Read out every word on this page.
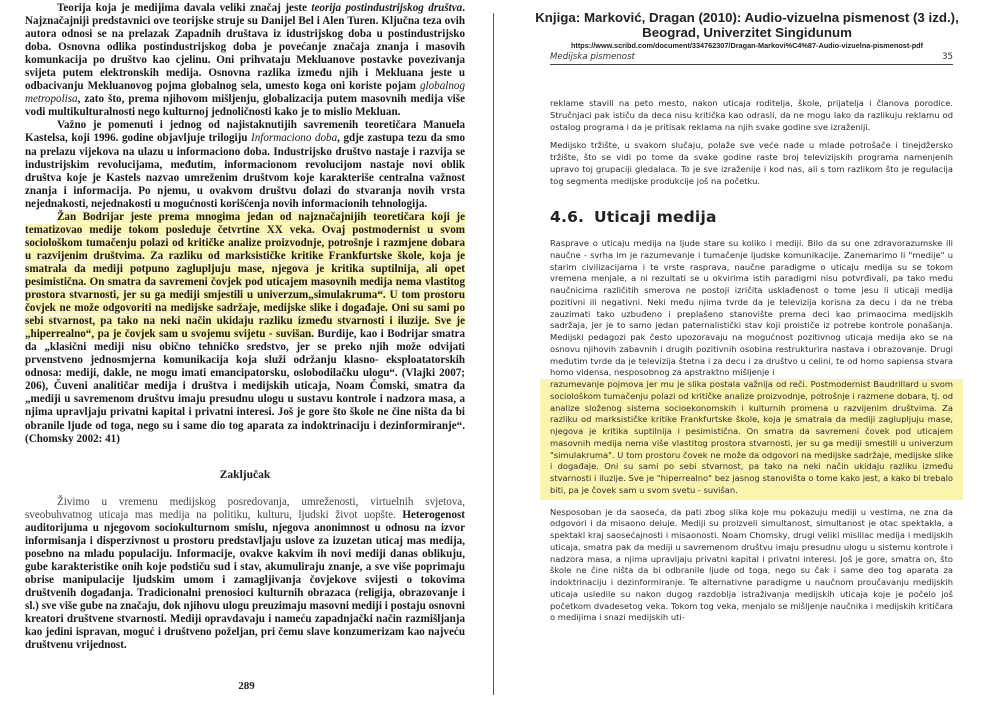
Teorija koja je medijima davala veliki značaj jeste teorija postindustrijskog društva. Najznačajniji predstavnici ove teorijske struje su Danijel Bel i Alen Turen. Ključna teza ovih autora odnosi se na prelazak Zapadnih društava iz idustrijskog doba u postindustrijsko doba. Osnovna odlika postindustrijskog doba je povećanje značaja znanja i masovih komunkacija po društvo kao cjelinu. Oni prihvataju Mekluanove postavke povezivanja svijeta putem elektronskih medija. Osnovna razlika između njih i Mekluana jeste u odbacivanju Mekluanovog pojma globalnog sela, umesto koga oni koriste pojam globalnog metropolisa, zato što, prema njihovom mišljenju, globalizacija putem masovnih medija više vodi multikulturalnosti nego kulturnoj jednoličnosti kako je to mislio Mekluan.

Važno je pomenuti i jednog od najistaknutijih savremenih teoretičara Manuela Kastelsa, koji 1996. godine objavljuje trilogiju Informaciono doba, gdje zastupa tezu da smo na prelazu vijekova na ulazu u informaciono doba. Industrijsko društvo nastaje i razvija se industrijskim revolucijama, međutim, informacionom revolucijom nastaje novi oblik društva koje je Kastels nazvao umreženim društvom koje karakteriše centralna važnost znanja i informacija. Po njemu, u ovakvom društvu dolazi do stvaranja novih vrsta nejednakosti, nejednakosti u mogućnosti korišćenja novih informacionih tehnologija.

Žan Bodrijar jeste prema mnogima jedan od najznačajnijih teoretičara koji je tematizovao medije tokom posleduje četvrtine XX veka. Ovaj postmodernist u svom sociološkom tumačenju polazi od kritičke analize proizvodnje, potrošnje i razmjene dobara u razvijenim društvima. Za razliku od marksističke kritike Frankfurtske škole, koja je smatrala da mediji potpuno zaglupljuju mase, njegova je kritika suptilnija, ali opet pesimistična. On smatra da savremeni čovjek pod uticajem masovnih medija nema vlastitog prostora stvarnosti, jer su ga mediji smjestili u univerzum„simulakruma“. U tom prostoru čovjek ne može odgovoriti na medijske sadržaje, medijske slike i događaje. Oni su sami po sebi stvarnost, pa tako na neki način ukidaju razliku između stvarnosti i iluzije. Sve je „hiperrealno“, pa je čovjek sam u svojemu svijetu - suvišan. Burdije, kao i Bodrijar smatra da „klasični mediji nisu obično tehničko sredstvo, jer se preko njih može odvijati prvenstveno jednosmjerna komunikacija koja služi održanju klasno- eksploatatorskih odnosa: mediji, dakle, ne mogu imati emancipatorsku, oslobodilačku ulogu“. (Vlajki 2007; 206), Čuveni analitičar medija i društva i medijskih uticaja, Noam Čomski, smatra da „mediji u savremenom društvu imaju presudnu ulogu u sustavu kontrole i nadzora masa, a njima upravljaju privatni kapital i privatni interesi. Još je gore što škole ne čine ništa da bi obranile ljude od toga, nego su i same dio tog aparata za indoktrinaciju i dezinformiranje“. (Chomsky 2002: 41)

Zaključak

Živimo u vremenu medijskog posredovanja, umreženosti, virtuelnih svjetova, sveobuhvatnog uticaja mas medija na politiku, kulturu, ljudski život uopšte. Heterogenost auditorijuma u njegovom sociokulturnom smislu, njegova anonimnost u odnosu na izvor informisanja i disperzivnost u prostoru predstavljaju uslove za izuzetan uticaj mas medija, posebno na mladu populaciju. Informacije, ovakve kakvim ih novi mediji danas oblikuju, gube karakteristike onih koje podstiču sud i stav, akumuliraju znanje, a sve više poprimaju obrise manipulacije ljudskim umom i zamagljivanja čovjekove svijesti o tokovima društvenih događanja. Tradicionalni prenosioci kulturnih obrazaca (religija, obrazovanje i sl.) sve više gube na značaju, dok njihovu ulogu preuzimaju masovni mediji i postaju osnovni kreatori društvene stvarnosti. Mediji opravdavaju i nameću zapadnjački način razmišljanja kao jedini ispravan, moguć i društveno poželjan, pri čemu slave konzumerizam kao najveću društvenu vrijednost.

289
Knjiga: Marković, Dragan (2010): Audio-vizuelna pismenost (3 izd.),
Beograd, Univerzitet Singidunum
https://www.scribd.com/document/334762307/Dragan-Markovi%C4%87-Audio-vizuelna-pismenost-pdf
Medijska pismenost	35

reklame stavili na peto mesto, nakon uticaja roditelja, škole, prijatelja i članova porodice. Stručnjaci pak ističu da deca nisu kritička kao odrasli, da ne mogu lako da razlikuju reklamu od ostalog programa i da je pritisak reklama na njih svake godine sve izraženiji.

Medijsko tržište, u svakom slučaju, polaže sve veće nade u mlade potrošače i tinejdžersko tržište, što se vidi po tome da svake godine raste broj televizijskih programa namenjenih upravo toj grupaciji gledalaca. To je sve izraženije i kod nas, ali s tom razlikom što je regulacija tog segmenta medijske produkcije još na početku.

4.6. Uticaji medija

Rasprave o uticaju medija na ljude stare su koliko i mediji. Bilo da su one zdravorazumske ili naučne - svrha im je razumevanje i tumačenje ljudske komunikacije. Zanemarimo li "medije" u starim civilizacijama i te vrste rasprava, naučne paradigme o uticaju medija su se tokom vremena menjale, a ni rezultati se u okvirima istih paradigmi nisu potvrđivali, pa tako među naučnicima različitih smerova ne postoji izričita usklađenost o tome jesu li uticaji medija pozitivni ili negativni. Neki među njima tvrde da je televizija korisna za decu i da ne treba zauzimati tako uzbuđeno i preplašeno stanovište prema deci kao primaocima medijskih sadržaja, jer je to samo jedan paternalistički stav koji proističe iz potrebe kontrole ponašanja. Medijski pedagozi pak često upozoravaju na mogućnost pozitivnog uticaja medija ako se na osnovu njihovih zabavnih i drugih pozitivnih osobina restrukturira nastava i obrazovanje. Drugi međutim tvrde da je televizija štetna i za decu i za društvo u celini, te od homo sapiensa stvara homo vidensa, nesposobnog za apstraktno mišljenje i

razumevanje pojmova jer mu je slika postala važnija od reči. Postmodernist Baudrillard u svom sociološkom tumačenju polazi od kritičke analize proizvodnje, potrošnje i razmene dobara, tj. od analize složenog sistema socioekonomskih i kulturnih promena u razvijenim društvima. Za razliku od marksističke kritike Frankfurtske škole, koja je smatrala da mediji zaglupljuju mase, njegova je kritika suptilnija i pesimistična. On smatra da savremeni čovek pod uticajem masovnih medija nema više vlastitog prostora stvarnosti, jer su ga mediji smestili u univerzum "simulakruma". U tom prostoru čovek ne može da odgovori na medijske sadržaje, medijske slike i događaje. Oni su sami po sebi stvarnost, pa tako na neki način ukidaju razliku između stvarnosti i iluzije. Sve je "hiperrealno" bez jasnog stanovišta o tome kako jest, a kako bi trebalo biti, pa je čovek sam u svom svetu - suvišan.

Nesposoban je da saoseća, da pati zbog slika koje mu pokazuju mediji u vestima, ne zna da odgovori i da misaono deluje. Mediji su proizveli simultanost, simultanost je otac spektakla, a spektakl kraj saosećajnosti i misaonosti. Noam Chomsky, drugi veliki mislilac medija i medijskih uticaja, smatra pak da mediji u savremenom društvu imaju presudnu ulogu u sistemu kontrole i nadzora masa, a njima upravljaju privatni kapital i privatni interesi. Još je gore, smatra on, što škole ne čine ništa da bi odbranile ljude od toga, nego su čak i same deo tog aparata za indoktrinaciju i dezinformiranje. Te alternativne paradigme u naučnom proučavanju medijskih uticaja usledile su nakon dugog razdoblja istraživanja medijskih uticaja koje je počelo još početkom dvadesetog veka. Tokom tog veka, menjalo se mišljenje naučnika i medijskih kritičara o medijima i snazi medijskih uti-
